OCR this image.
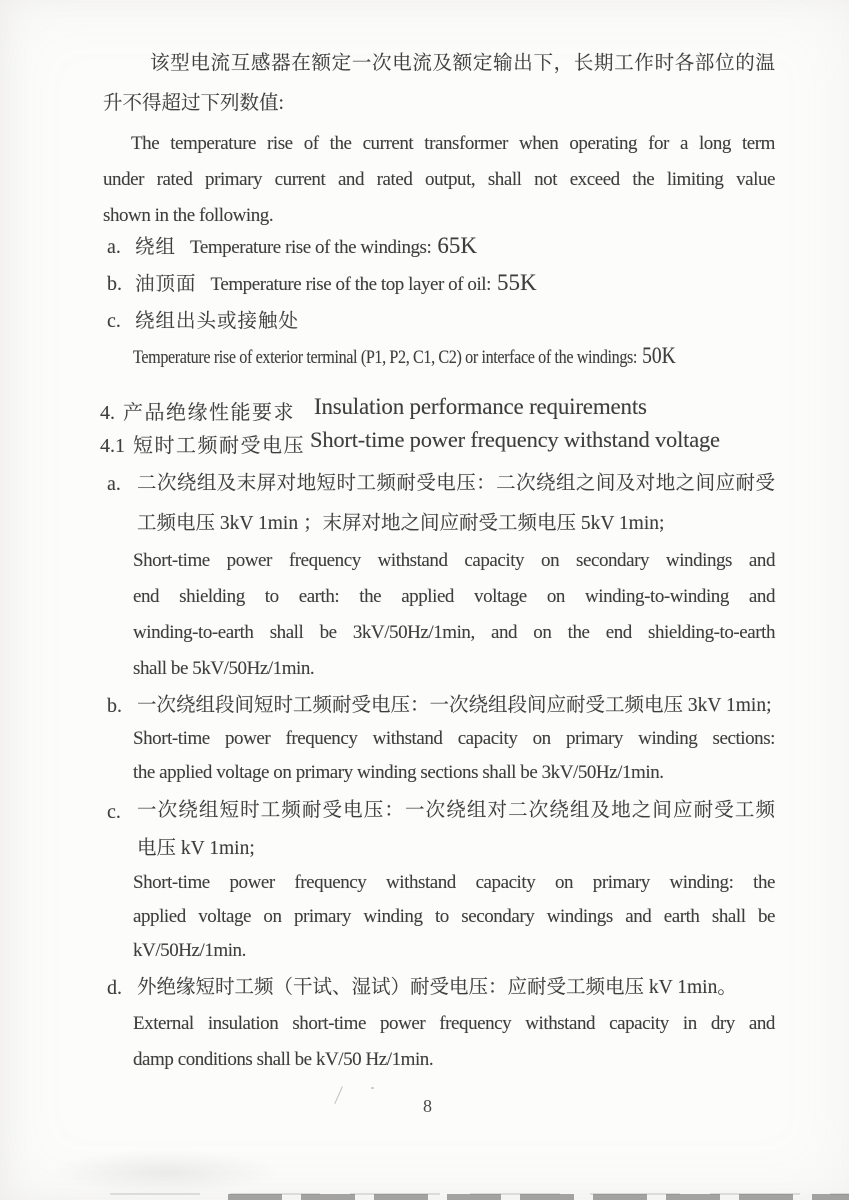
该型电流互感器在额定一次电流及额定输出下，长期工作时各部位的温
升不得超过下列数值:
The temperature rise of the current transformer when operating for a long term
under rated primary current and rated output, shall not exceed the limiting value
shown in the following.
a. 绕组 Temperature rise of the windings: 65K
b. 油顶面 Temperature rise of the top layer of oil: 55K
c. 绕组出头或接触处
Temperature rise of exterior terminal (P1, P2, C1, C2) or interface of the windings: 50K
4. 产品绝缘性能要求 Insulation performance requirements
4.1 短时工频耐受电压 Short-time power frequency withstand voltage
a. 二次绕组及末屏对地短时工频耐受电压：二次绕组之间及对地之间应耐受
工频电压 3kV 1min ；末屏对地之间应耐受工频电压 5kV 1min;
Short-time power frequency withstand capacity on secondary windings and
end shielding to earth: the applied voltage on winding-to-winding and
winding-to-earth shall be 3kV/50Hz/1min, and on the end shielding-to-earth
shall be 5kV/50Hz/1min.
b. 一次绕组段间短时工频耐受电压：一次绕组段间应耐受工频电压 3kV 1min;
Short-time power frequency withstand capacity on primary winding sections:
the applied voltage on primary winding sections shall be 3kV/50Hz/1min.
c. 一次绕组短时工频耐受电压：一次绕组对二次绕组及地之间应耐受工频
电压 kV 1min;
Short-time power frequency withstand capacity on primary winding: the
applied voltage on primary winding to secondary windings and earth shall be
kV/50Hz/1min.
d. 外绝缘短时工频（干试、湿试）耐受电压：应耐受工频电压 kV 1min。
External insulation short-time power frequency withstand capacity in dry and
damp conditions shall be kV/50 Hz/1min.
8
